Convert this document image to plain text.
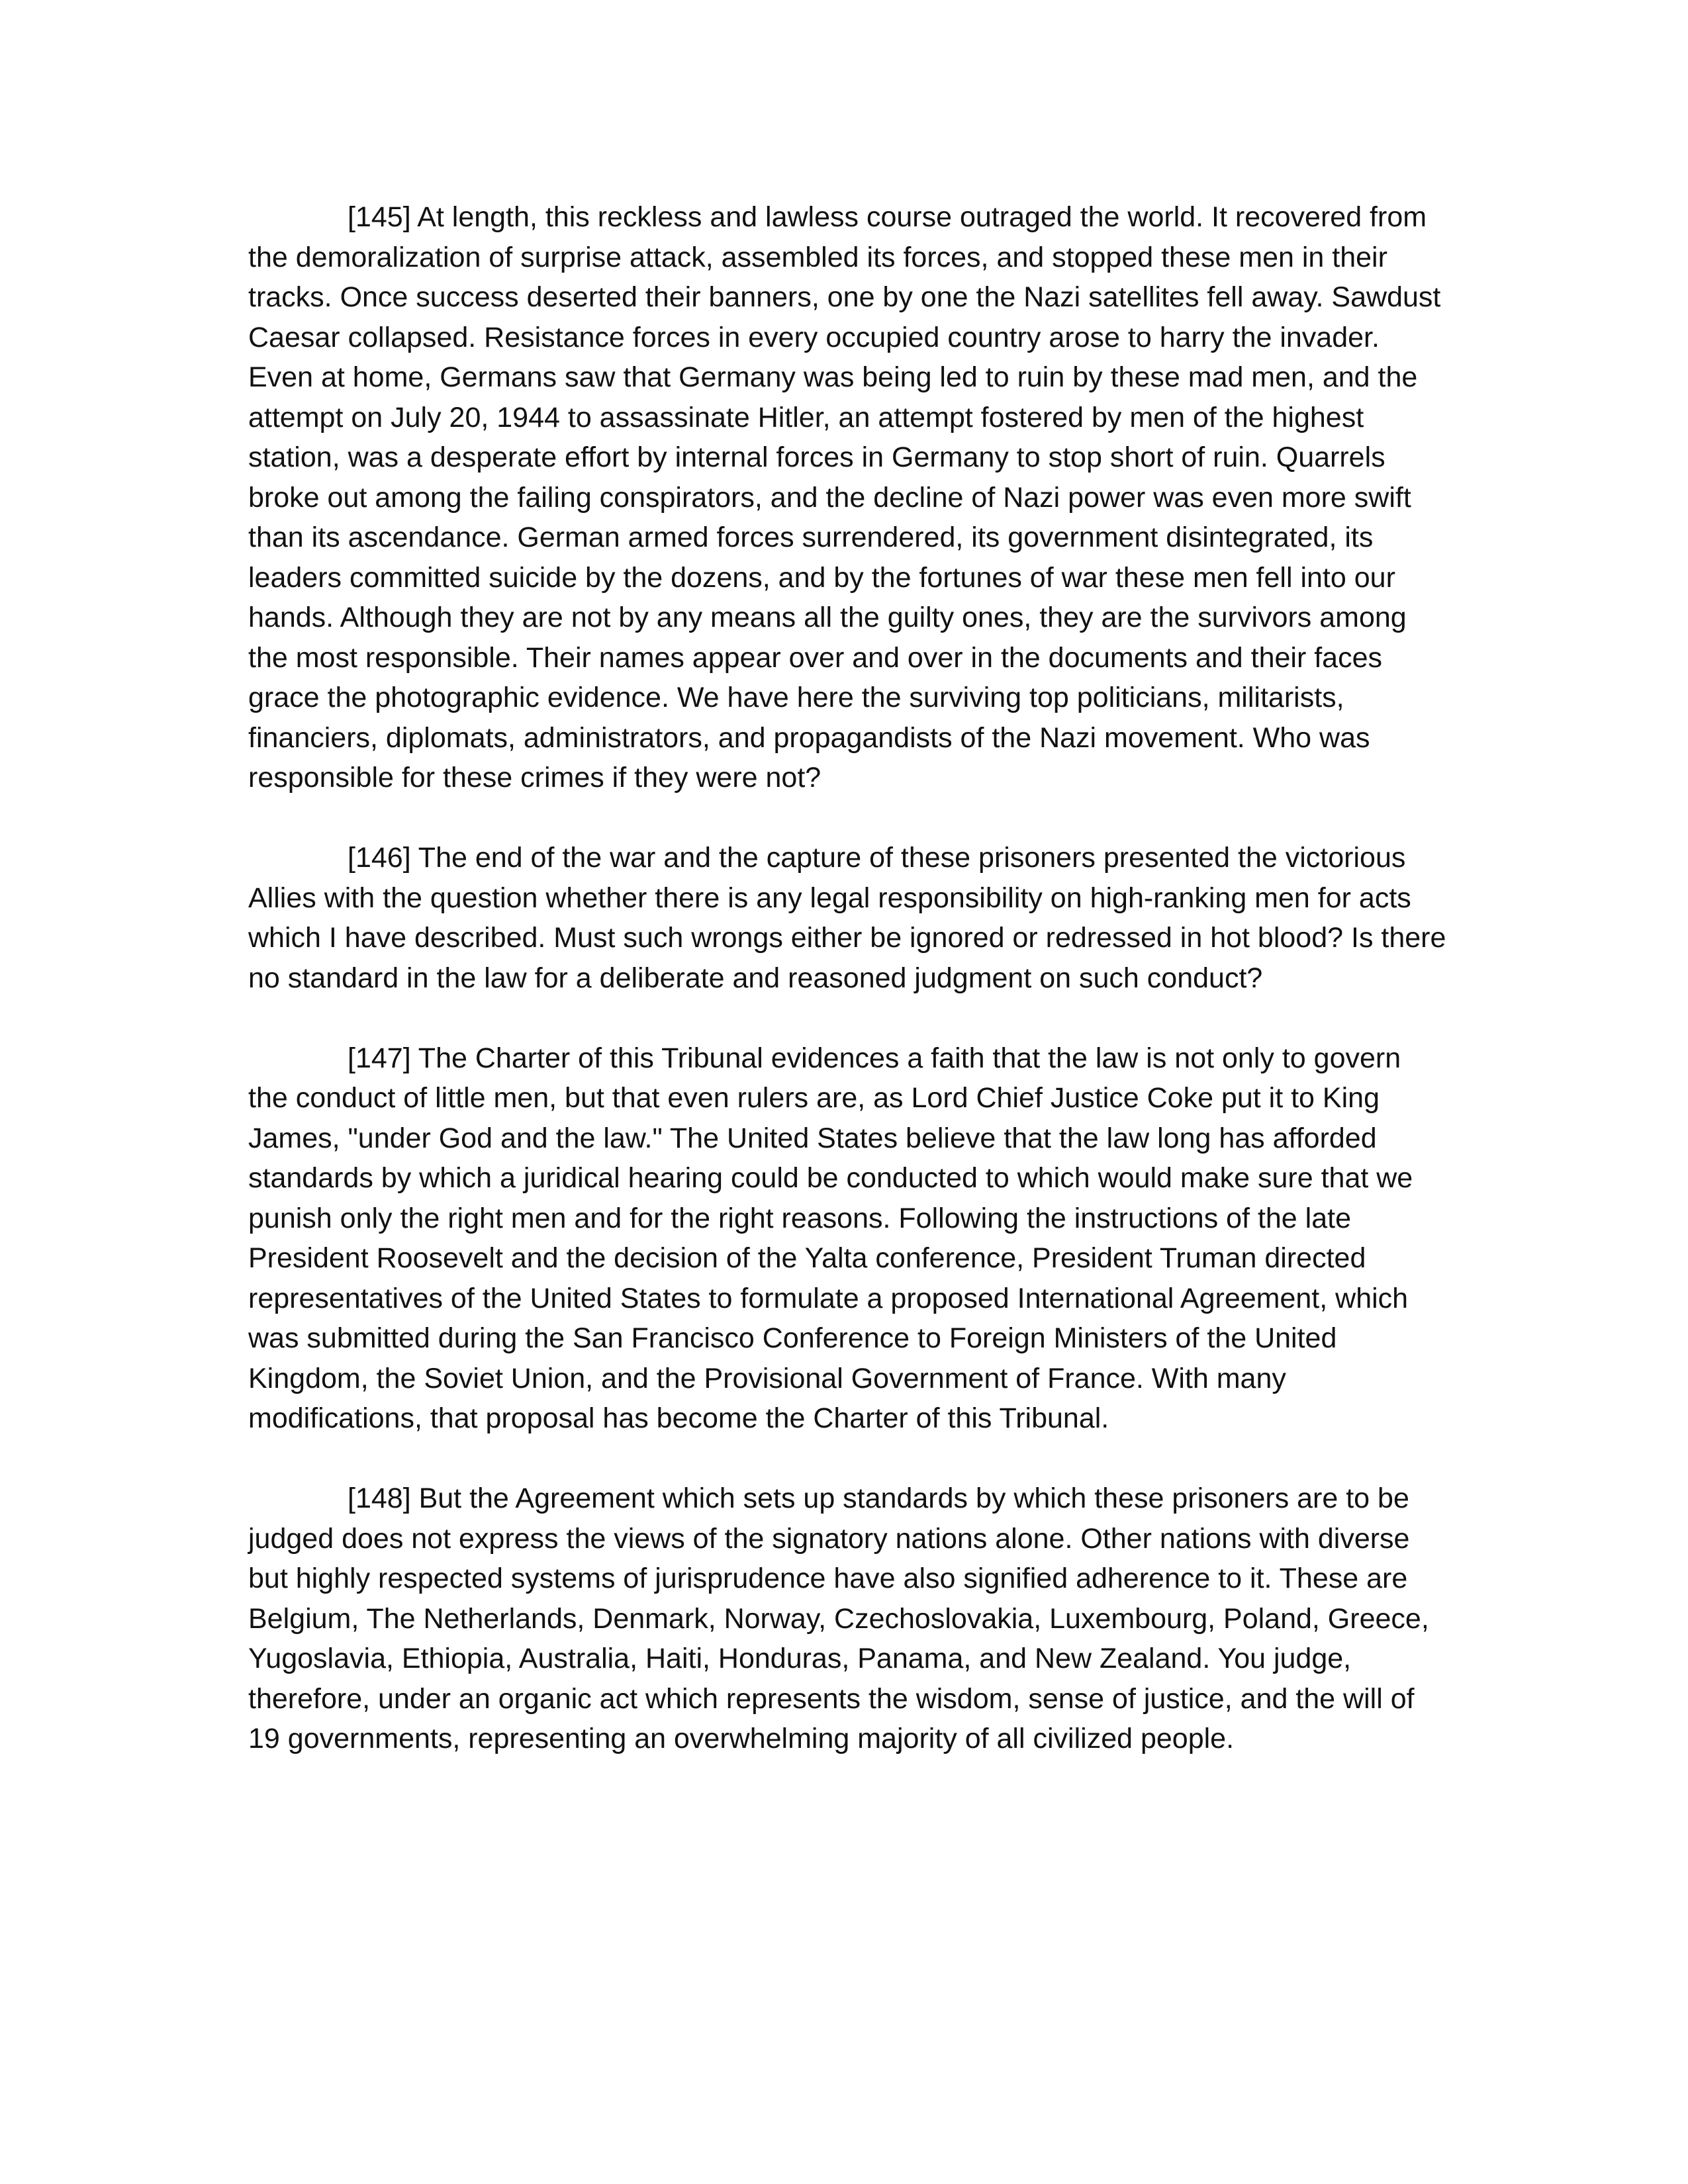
[145] At length, this reckless and lawless course outraged the world. It recovered from the demoralization of surprise attack, assembled its forces, and stopped these men in their tracks. Once success deserted their banners, one by one the Nazi satellites fell away. Sawdust Caesar collapsed. Resistance forces in every occupied country arose to harry the invader. Even at home, Germans saw that Germany was being led to ruin by these mad men, and the attempt on July 20, 1944 to assassinate Hitler, an attempt fostered by men of the highest station, was a desperate effort by internal forces in Germany to stop short of ruin. Quarrels broke out among the failing conspirators, and the decline of Nazi power was even more swift than its ascendance. German armed forces surrendered, its government disintegrated, its leaders committed suicide by the dozens, and by the fortunes of war these men fell into our hands. Although they are not by any means all the guilty ones, they are the survivors among the most responsible. Their names appear over and over in the documents and their faces grace the photographic evidence. We have here the surviving top politicians, militarists, financiers, diplomats, administrators, and propagandists of the Nazi movement. Who was responsible for these crimes if they were not?

[146] The end of the war and the capture of these prisoners presented the victorious Allies with the question whether there is any legal responsibility on high-ranking men for acts which I have described. Must such wrongs either be ignored or redressed in hot blood? Is there no standard in the law for a deliberate and reasoned judgment on such conduct?

[147] The Charter of this Tribunal evidences a faith that the law is not only to govern the conduct of little men, but that even rulers are, as Lord Chief Justice Coke put it to King James, "under God and the law." The United States believe that the law long has afforded standards by which a juridical hearing could be conducted to which would make sure that we punish only the right men and for the right reasons. Following the instructions of the late President Roosevelt and the decision of the Yalta conference, President Truman directed representatives of the United States to formulate a proposed International Agreement, which was submitted during the San Francisco Conference to Foreign Ministers of the United Kingdom, the Soviet Union, and the Provisional Government of France. With many modifications, that proposal has become the Charter of this Tribunal.

[148] But the Agreement which sets up standards by which these prisoners are to be judged does not express the views of the signatory nations alone. Other nations with diverse but highly respected systems of jurisprudence have also signified adherence to it. These are Belgium, The Netherlands, Denmark, Norway, Czechoslovakia, Luxembourg, Poland, Greece, Yugoslavia, Ethiopia, Australia, Haiti, Honduras, Panama, and New Zealand. You judge, therefore, under an organic act which represents the wisdom, sense of justice, and the will of 19 governments, representing an overwhelming majority of all civilized people.
